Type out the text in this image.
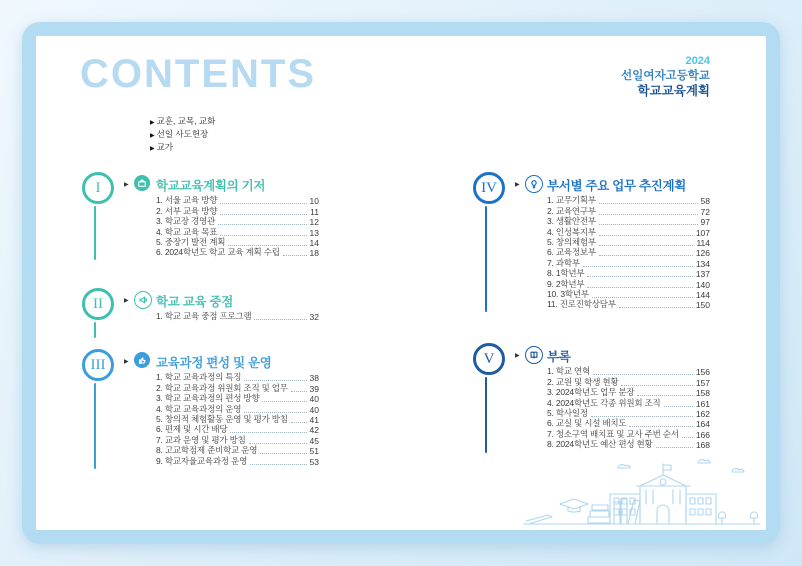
CONTENTS	2024
선일여자고등학교
학교교육계획
▶ 교훈, 교목, 교화
▶ 선일 사도헌장
▶ 교가
I	▶ 학교교육계획의 기저
1. 서울 교육 방향	10
2. 서부 교육 방향	11
3. 학교장 경영관	12
4. 학교 교육 목표	13
5. 중장기 발전 계획	14
6. 2024학년도 학교 교육 계획 수립	18
II	▶ 학교 교육 중점
1. 학교 교육 중점 프로그램	32
III	▶ 교육과정 편성 및 운영
1. 학교 교육과정의 특징	38
2. 학교 교육과정 위원회 조직 및 업무	39
3. 학교 교육과정의 편성 방향	40
4. 학교 교육과정의 운영	40
5. 창의적 체험활동 운영 및 평가 방침	41
6. 편제 및 시간 배당	42
7. 교과 운영 및 평가 방침	45
8. 고교학점제 준비학교 운영	51
9. 학교자율교육과정 운영	53
IV	▶ 부서별 주요 업무 추진계획
1. 교무기획부	58
2. 교육연구부	72
3. 생활안전부	97
4. 인성복지부	107
5. 창의체험부	114
6. 교육정보부	126
7. 과학부	134
8. 1학년부	137
9. 2학년부	140
10. 3학년부	144
11. 진로진학상담부	150
V	▶ 부록
1. 학교 연혁	156
2. 교원 및 학생 현황	157
3. 2024학년도 업무 분장	158
4. 2024학년도 각종 위원회 조직	161
5. 학사일정	162
6. 교실 및 시설 배치도	164
7. 청소구역 배치표 및 교사 주번 순서 166
8. 2024학년도 예산 편성 현황	168
